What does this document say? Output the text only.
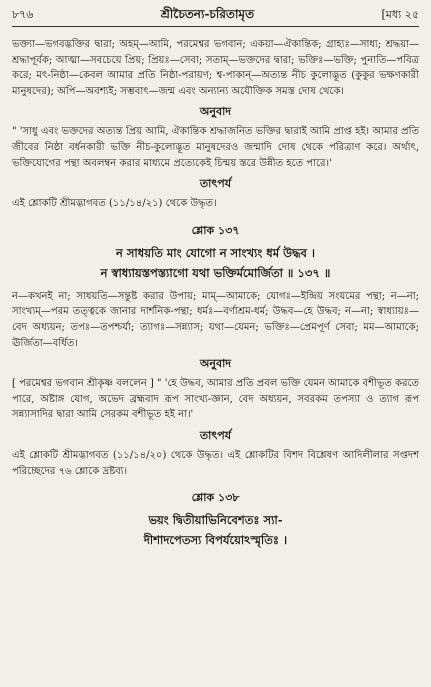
৮৭৬	শ্রীচৈতন্য-চরিতামৃত	[মধ্য ২৫

ভক্ত্যা—ভগবদ্ভক্তির দ্বারা; অহম্—আমি, পরমেশ্বর ভগবান; একয়া—ঐকান্তিক; গ্রাহ্যঃ—সাধ্য; শ্রদ্ধয়া—শ্রদ্ধাপূর্বক; আত্মা—সবচেয়ে প্রিয়; প্রিয়ঃ—সেবা; সতাম্—ভক্তদের দ্বারা; ভক্তিঃ—ভক্তি; পুনাতি—পবিত্র করে; মৎ-নিষ্ঠা—কেবল আমার প্রতি নিষ্ঠা-পরায়ণ; শ্ব-পাকান্—অত্যন্ত নীচ কুলোদ্ভূত (কুকুর ভক্ষণকারী মানুষদের); অপি—অবশ্যই; সম্ভবাৎ—জন্ম এবং অন্যান্য অযৌক্তিক সমস্ত দোষ থেকে।

অনুবাদ

" 'সাধু এবং ভক্তদের অত্যন্ত প্রিয় আমি, ঐকান্তিক শ্রদ্ধাজনিত ভক্তির দ্বারাই আমি প্রাপ্ত হই। আমার প্রতি জীবের নিষ্ঠা বর্ধনকারী ভক্তি নীচ-কুলোদ্ভূত মানুষদেরও জন্মাদি দোষ থেকে পরিত্রাণ করে। অর্থাৎ, ভক্তিযোগের পন্থা অবলম্বন করার মাধ্যমে প্রত্যেকেই চিন্ময় স্তরে উন্নীত হতে পারে।'

তাৎপর্য

এই শ্লোকটি শ্রীমদ্ভাগবত (১১/১৪/২১) থেকে উদ্ধৃত।

শ্লোক ১৩৭

ন সাধয়তি মাং যোগো ন সাংখ্যং ধর্ম উদ্ধব ।

ন স্বাধ্যায়স্তপস্ত্যাগো যথা ভক্তির্মমোর্জিতা ॥ ১৩৭ ॥

ন—কখনই না; সাধয়তি—সন্তুষ্ট করার উপায়; মাম্—আমাকে; যোগঃ—ইন্দ্রিয় সংযমের পন্থা; ন—না; সাংখ্যম্—পরম তত্ত্বকে জানার দার্শনিক-পন্থা; ধর্মঃ—বর্ণাশ্রম-ধর্ম; উদ্ধব—হে উদ্ধব; ন—না; স্বাধ্যায়ঃ—বেদ অধ্যয়ন; তপঃ—তপশ্চর্যা; ত্যাগঃ—সন্ন্যাস; যথা—যেমন; ভক্তিঃ—প্রেমপূর্ণ সেবা; মম—আমাকে; ঊর্জিতা—বর্ধিত।

অনুবাদ

[ পরমেশ্বর ভগবান শ্রীকৃষ্ণ বললেন ] " 'হে উদ্ধব, আমার প্রতি প্রবল ভক্তি যেমন আমাকে বশীভূত করতে পারে, অষ্টাঙ্গ যোগ, অভেদ ব্রহ্মবাদ রূপ সাংখ্য-জ্ঞান, বেদ অধ্যয়ন, সবরকম তপস্যা ও ত্যাগ রূপ সন্ন্যাসাদির দ্বারা আমি সেরকম বশীভূত হই না।'

তাৎপর্য

এই শ্লোকটি শ্রীমদ্ভাগবত (১১/১৪/২০) থেকে উদ্ধৃত। এই শ্লোকটির বিশদ বিশ্লেষণ আদিলীলার সপ্তদশ পরিচ্ছেদের ৭৬ শ্লোকে দ্রষ্টব্য।

শ্লোক ১৩৮

ভয়ং দ্বিতীয়াভিনিবেশতঃ স্যা-

দীশাদপেতস্য বিপর্যয়োঽস্মৃতিঃ ।
